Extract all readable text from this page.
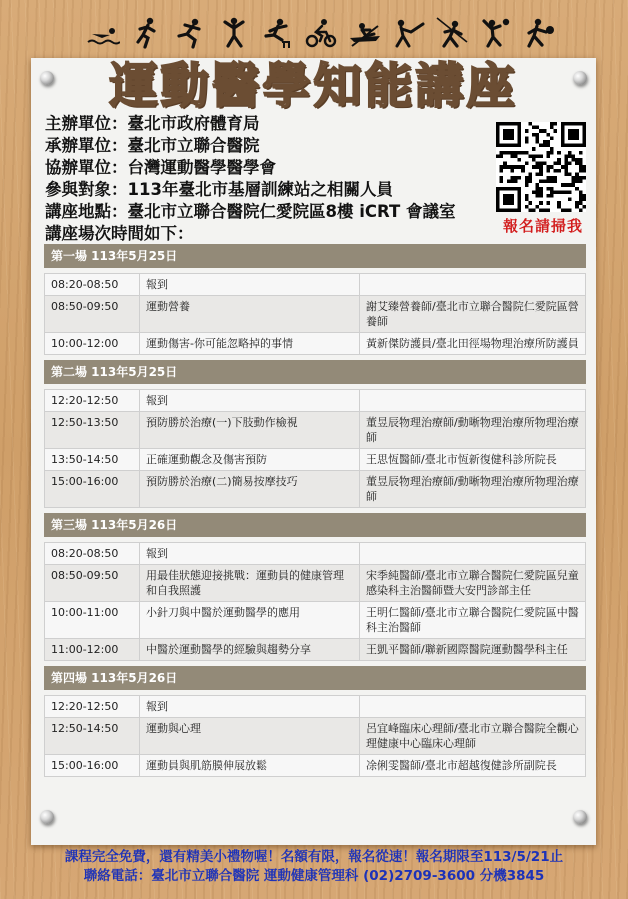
運動醫學知能講座
主辦單位：臺北市政府體育局
承辦單位：臺北市立聯合醫院
協辦單位：台灣運動醫學醫學會
參與對象：113年臺北市基層訓練站之相關人員
講座地點：臺北市立聯合醫院仁愛院區8樓 iCRT 會議室
講座場次時間如下：	報名請掃我
第一場 113年5月25日
08:20-08:50	報到	
08:50-09:50	運動營養	謝艾臻營養師/臺北市立聯合醫院仁愛院區營養師
10:00-12:00	運動傷害-你可能忽略掉的事情	黃新傑防護員/臺北田徑場物理治療所防護員
第二場 113年5月25日
12:20-12:50	報到	
12:50-13:50	預防勝於治療(一)下肢動作檢視	董昱辰物理治療師/動晰物理治療所物理治療師
13:50-14:50	正確運動觀念及傷害預防	王思恆醫師/臺北市恆新復健科診所院長
15:00-16:00	預防勝於治療(二)簡易按摩技巧	董昱辰物理治療師/動晰物理治療所物理治療師
第三場 113年5月26日
08:20-08:50	報到	
08:50-09:50	用最佳狀態迎接挑戰：運動員的健康管理和自我照護	宋季純醫師/臺北市立聯合醫院仁愛院區兒童感染科主治醫師暨大安門診部主任
10:00-11:00	小針刀與中醫於運動醫學的應用	王明仁醫師/臺北市立聯合醫院仁愛院區中醫科主治醫師
11:00-12:00	中醫於運動醫學的經驗與趨勢分享	王凱平醫師/聯新國際醫院運動醫學科主任
第四場 113年5月26日
12:20-12:50	報到	
12:50-14:50	運動與心理	呂宜峰臨床心理師/臺北市立聯合醫院全觀心理健康中心臨床心理師
15:00-16:00	運動員與肌筋膜伸展放鬆	凃俐雯醫師/臺北市超越復健診所副院長
課程完全免費，還有精美小禮物喔！名額有限，報名從速！報名期限至113/5/21止
聯絡電話：臺北市立聯合醫院 運動健康管理科 (02)2709-3600 分機3845
